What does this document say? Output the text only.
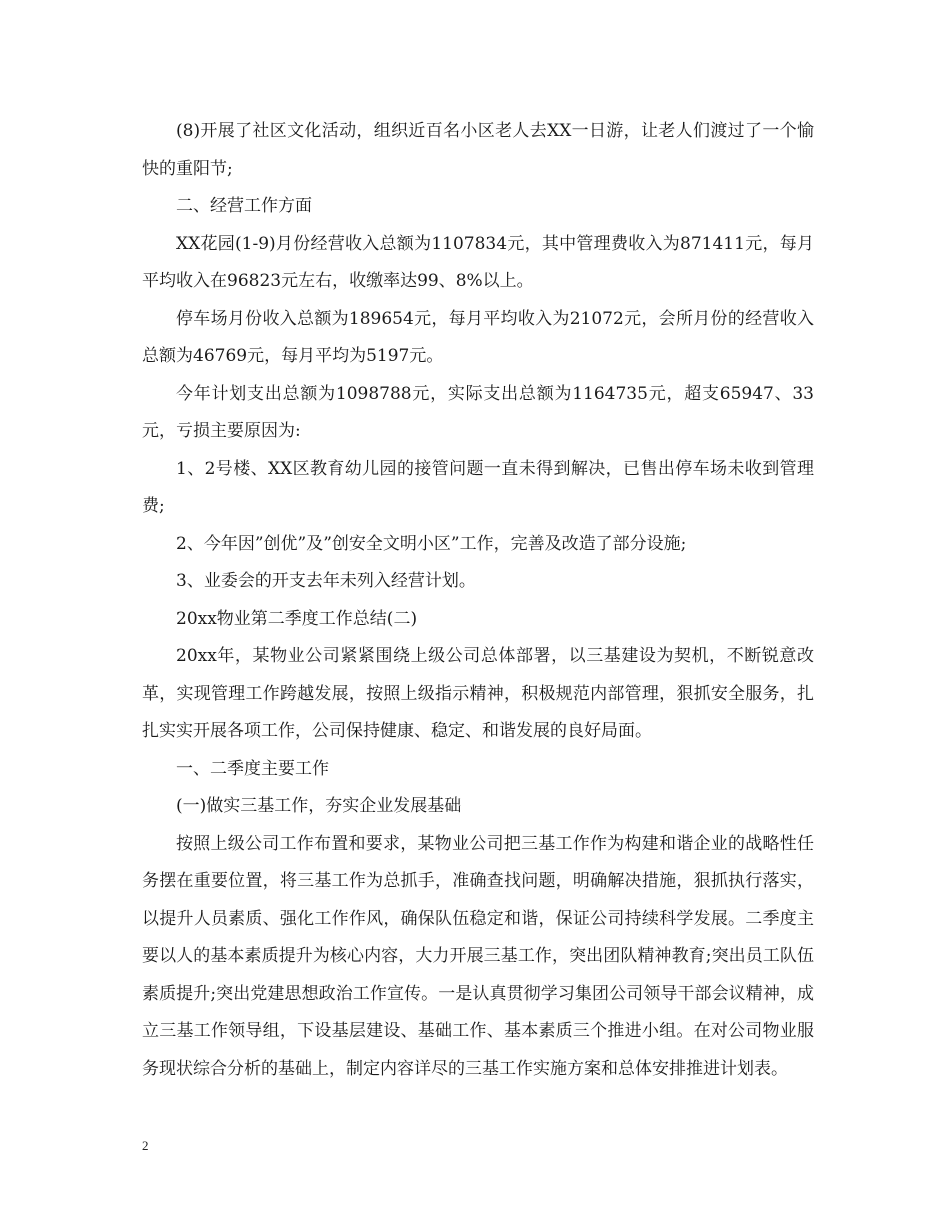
(8)开展了社区文化活动，组织近百名小区老人去XX一日游，让老人们渡过了一个愉快的重阳节;

二、经营工作方面

XX花园(1-9)月份经营收入总额为1107834元，其中管理费收入为871411元，每月平均收入在96823元左右，收缴率达99、8%以上。

停车场月份收入总额为189654元，每月平均收入为21072元，会所月份的经营收入总额为46769元，每月平均为5197元。

今年计划支出总额为1098788元，实际支出总额为1164735元，超支65947、33元，亏损主要原因为:

1、2号楼、XX区教育幼儿园的接管问题一直未得到解决，已售出停车场未收到管理费;

2、今年因”创优”及”创安全文明小区”工作，完善及改造了部分设施;

3、业委会的开支去年未列入经营计划。

20xx物业第二季度工作总结(二)

20xx年，某物业公司紧紧围绕上级公司总体部署，以三基建设为契机，不断锐意改革，实现管理工作跨越发展，按照上级指示精神，积极规范内部管理，狠抓安全服务，扎扎实实开展各项工作，公司保持健康、稳定、和谐发展的良好局面。

一、二季度主要工作

(一)做实三基工作，夯实企业发展基础

按照上级公司工作布置和要求，某物业公司把三基工作作为构建和谐企业的战略性任务摆在重要位置，将三基工作为总抓手，准确查找问题，明确解决措施，狠抓执行落实，以提升人员素质、强化工作作风，确保队伍稳定和谐，保证公司持续科学发展。二季度主要以人的基本素质提升为核心内容，大力开展三基工作，突出团队精神教育;突出员工队伍素质提升;突出党建思想政治工作宣传。一是认真贯彻学习集团公司领导干部会议精神，成立三基工作领导组，下设基层建设、基础工作、基本素质三个推进小组。在对公司物业服务现状综合分析的基础上，制定内容详尽的三基工作实施方案和总体安排推进计划表。

2
